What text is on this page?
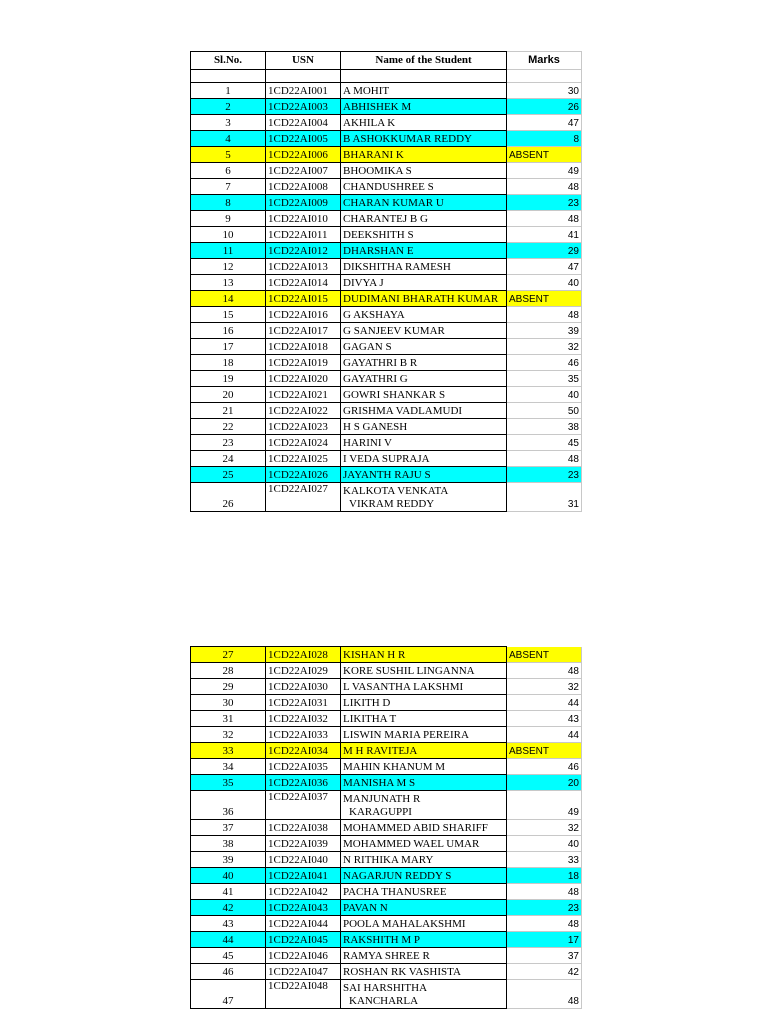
Sl.No.	USN	Name of the Student	Marks

1	1CD22AI001	A MOHIT	30
2	1CD22AI003	ABHISHEK M	26
3	1CD22AI004	AKHILA K	47
4	1CD22AI005	B ASHOKKUMAR REDDY	8
5	1CD22AI006	BHARANI K	ABSENT
6	1CD22AI007	BHOOMIKA S	49
7	1CD22AI008	CHANDUSHREE S	48
8	1CD22AI009	CHARAN KUMAR U	23
9	1CD22AI010	CHARANTEJ B G	48
10	1CD22AI011	DEEKSHITH S	41
11	1CD22AI012	DHARSHAN E	29
12	1CD22AI013	DIKSHITHA RAMESH	47
13	1CD22AI014	DIVYA J	40
14	1CD22AI015	DUDIMANI BHARATH KUMAR	ABSENT
15	1CD22AI016	G AKSHAYA	48
16	1CD22AI017	G SANJEEV KUMAR	39
17	1CD22AI018	GAGAN S	32
18	1CD22AI019	GAYATHRI B R	46
19	1CD22AI020	GAYATHRI G	35
20	1CD22AI021	GOWRI SHANKAR S	40
21	1CD22AI022	GRISHMA VADLAMUDI	50
22	1CD22AI023	H S GANESH	38
23	1CD22AI024	HARINI V	45
24	1CD22AI025	I VEDA SUPRAJA	48
25	1CD22AI026	JAYANTH RAJU S	23
26	1CD22AI027	KALKOTA VENKATA
VIKRAM REDDY	31
27	1CD22AI028	KISHAN H R	ABSENT
28	1CD22AI029	KORE SUSHIL LINGANNA	48
29	1CD22AI030	L VASANTHA LAKSHMI	32
30	1CD22AI031	LIKITH D	44
31	1CD22AI032	LIKITHA T	43
32	1CD22AI033	LISWIN MARIA PEREIRA	44
33	1CD22AI034	M H RAVITEJA	ABSENT
34	1CD22AI035	MAHIN KHANUM M	46
35	1CD22AI036	MANISHA M S	20
36	1CD22AI037	MANJUNATH R
KARAGUPPI	49
37	1CD22AI038	MOHAMMED ABID SHARIFF	32
38	1CD22AI039	MOHAMMED WAEL UMAR	40
39	1CD22AI040	N RITHIKA MARY	33
40	1CD22AI041	NAGARJUN REDDY S	18
41	1CD22AI042	PACHA THANUSREE	48
42	1CD22AI043	PAVAN N	23
43	1CD22AI044	POOLA MAHALAKSHMI	48
44	1CD22AI045	RAKSHITH M P	17
45	1CD22AI046	RAMYA SHREE R	37
46	1CD22AI047	ROSHAN RK VASHISTA	42
47	1CD22AI048	SAI HARSHITHA
KANCHARLA	48
